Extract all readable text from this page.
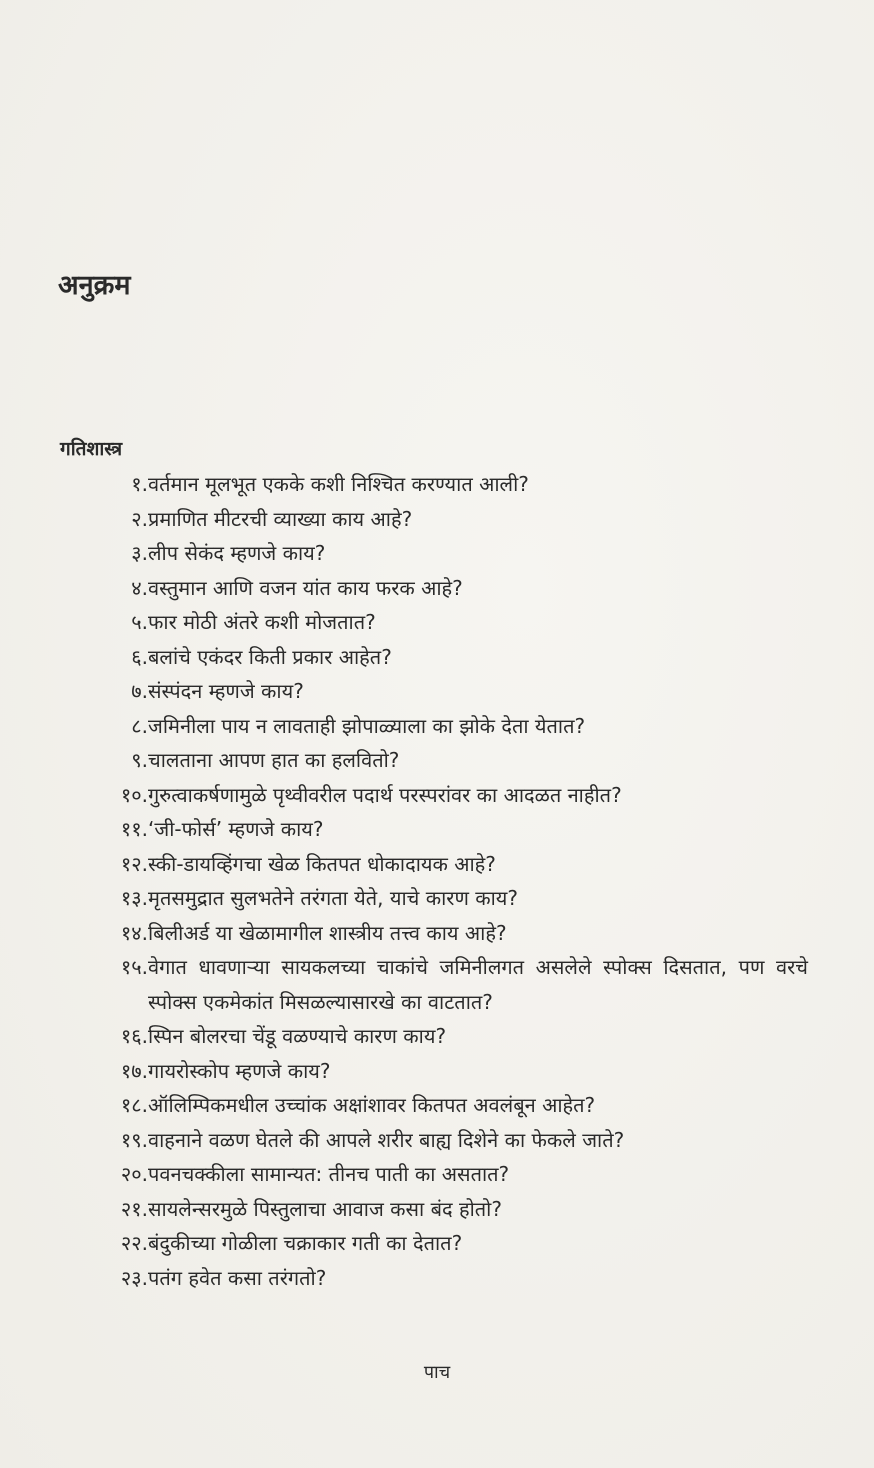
अनुक्रम
गतिशास्त्र
१. वर्तमान मूलभूत एकके कशी निश्चित करण्यात आली?
२. प्रमाणित मीटरची व्याख्या काय आहे?
३. लीप सेकंद म्हणजे काय?
४. वस्तुमान आणि वजन यांत काय फरक आहे?
५. फार मोठी अंतरे कशी मोजतात?
६. बलांचे एकंदर किती प्रकार आहेत?
७. संस्पंदन म्हणजे काय?
८. जमिनीला पाय न लावताही झोपाळ्याला का झोके देता येतात?
९. चालताना आपण हात का हलवितो?
१०. गुरुत्वाकर्षणामुळे पृथ्वीवरील पदार्थ परस्परांवर का आदळत नाहीत?
११. ‘जी-फोर्स’ म्हणजे काय?
१२. स्की-डायव्हिंगचा खेळ कितपत धोकादायक आहे?
१३. मृतसमुद्रात सुलभतेने तरंगता येते, याचे कारण काय?
१४. बिलीअर्ड या खेळामागील शास्त्रीय तत्त्व काय आहे?
१५. वेगात धावणाऱ्या सायकलच्या चाकांचे जमिनीलगत असलेले स्पोक्स दिसतात, पण वरचे स्पोक्स एकमेकांत मिसळल्यासारखे का वाटतात?
१६. स्पिन बोलरचा चेंडू वळण्याचे कारण काय?
१७. गायरोस्कोप म्हणजे काय?
१८. ऑलिम्पिकमधील उच्चांक अक्षांशावर कितपत अवलंबून आहेत?
१९. वाहनाने वळण घेतले की आपले शरीर बाह्य दिशेने का फेकले जाते?
२०. पवनचक्कीला सामान्यत: तीनच पाती का असतात?
२१. सायलेन्सरमुळे पिस्तुलाचा आवाज कसा बंद होतो?
२२. बंदुकीच्या गोळीला चक्राकार गती का देतात?
२३. पतंग हवेत कसा तरंगतो?
पाच
